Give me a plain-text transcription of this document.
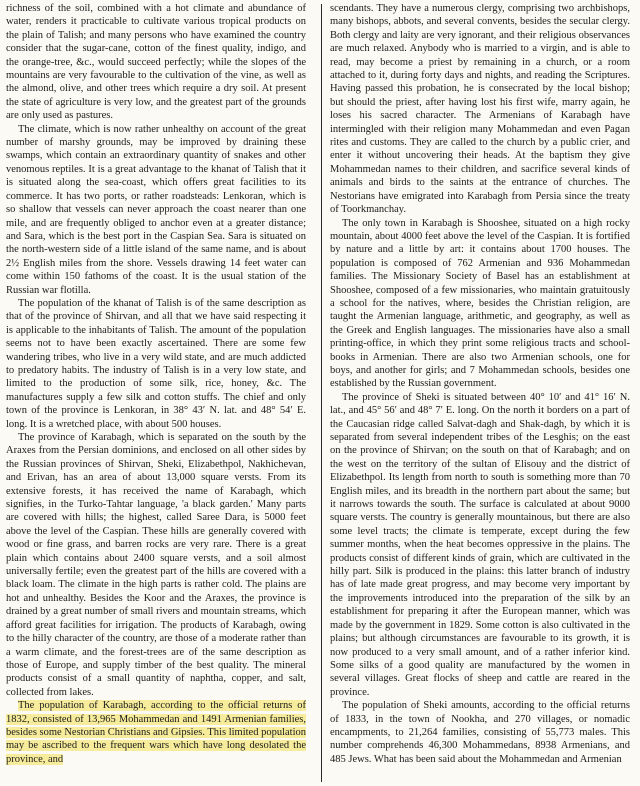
richness of the soil, combined with a hot climate and abundance of water, renders it practicable to cultivate various tropical products on the plain of Talish; and many persons who have examined the country consider that the sugar-cane, cotton of the finest quality, indigo, and the orange-tree, &c., would succeed perfectly; while the slopes of the mountains are very favourable to the cultivation of the vine, as well as the almond, olive, and other trees which require a dry soil. At present the state of agriculture is very low, and the greatest part of the grounds are only used as pastures.

The climate, which is now rather unhealthy on account of the great number of marshy grounds, may be improved by draining these swamps, which contain an extraordinary quantity of snakes and other venomous reptiles. It is a great advantage to the khanat of Talish that it is situated along the sea-coast, which offers great facilities to its commerce. It has two ports, or rather roadsteads: Lenkoran, which is so shallow that vessels can never approach the coast nearer than one mile, and are frequently obliged to anchor even at a greater distance; and Sara, which is the best port in the Caspian Sea. Sara is situated on the north-western side of a little island of the same name, and is about 2½ English miles from the shore. Vessels drawing 14 feet water can come within 150 fathoms of the coast. It is the usual station of the Russian war flotilla.

The population of the khanat of Talish is of the same description as that of the province of Shirvan, and all that we have said respecting it is applicable to the inhabitants of Talish. The amount of the population seems not to have been exactly ascertained. There are some few wandering tribes, who live in a very wild state, and are much addicted to predatory habits. The industry of Talish is in a very low state, and limited to the production of some silk, rice, honey, &c. The manufactures supply a few silk and cotton stuffs. The chief and only town of the province is Lenkoran, in 38° 43′ N. lat. and 48° 54′ E. long. It is a wretched place, with about 500 houses.

The province of Karabagh, which is separated on the south by the Araxes from the Persian dominions, and enclosed on all other sides by the Russian provinces of Shirvan, Sheki, Elizabethpol, Nakhichevan, and Erivan, has an area of about 13,000 square versts. From its extensive forests, it has received the name of Karabagh, which signifies, in the Turko-Tahtar language, 'a black garden.' Many parts are covered with hills; the highest, called Saree Dara, is 5000 feet above the level of the Caspian. These hills are generally covered with wood or fine grass, and barren rocks are very rare. There is a great plain which contains about 2400 square versts, and a soil almost universally fertile; even the greatest part of the hills are covered with a black loam. The climate in the high parts is rather cold. The plains are hot and unhealthy. Besides the Koor and the Araxes, the province is drained by a great number of small rivers and mountain streams, which afford great facilities for irrigation. The products of Karabagh, owing to the hilly character of the country, are those of a moderate rather than a warm climate, and the forest-trees are of the same description as those of Europe, and supply timber of the best quality. The mineral products consist of a small quantity of naphtha, copper, and salt, collected from lakes.

The population of Karabagh, according to the official returns of 1832, consisted of 13,965 Mohammedan and 1491 Armenian families, besides some Nestorian Christians and Gipsies. This limited population may be ascribed to the frequent wars which have long desolated the province, and

scendants. They have a numerous clergy, comprising two archbishops, many bishops, abbots, and several convents, besides the secular clergy. Both clergy and laity are very ignorant, and their religious observances are much relaxed. Anybody who is married to a virgin, and is able to read, may become a priest by remaining in a church, or a room attached to it, during forty days and nights, and reading the Scriptures. Having passed this probation, he is consecrated by the local bishop; but should the priest, after having lost his first wife, marry again, he loses his sacred character. The Armenians of Karabagh have intermingled with their religion many Mohammedan and even Pagan rites and customs. They are called to the church by a public crier, and enter it without uncovering their heads. At the baptism they give Mohammedan names to their children, and sacrifice several kinds of animals and birds to the saints at the entrance of churches. The Nestorians have emigrated into Karabagh from Persia since the treaty of Toorkmanchay.

The only town in Karabagh is Shooshee, situated on a high rocky mountain, about 4000 feet above the level of the Caspian. It is fortified by nature and a little by art: it contains about 1700 houses. The population is composed of 762 Armenian and 936 Mohammedan families. The Missionary Society of Basel has an establishment at Shooshee, composed of a few missionaries, who maintain gratuitously a school for the natives, where, besides the Christian religion, are taught the Armenian language, arithmetic, and geography, as well as the Greek and English languages. The missionaries have also a small printing-office, in which they print some religious tracts and school-books in Armenian. There are also two Armenian schools, one for boys, and another for girls; and 7 Mohammedan schools, besides one established by the Russian government.

The province of Sheki is situated between 40° 10′ and 41° 16′ N. lat., and 45° 56′ and 48° 7′ E. long. On the north it borders on a part of the Caucasian ridge called Salvat-dagh and Shak-dagh, by which it is separated from several independent tribes of the Lesghis; on the east on the province of Shirvan; on the south on that of Karabagh; and on the west on the territory of the sultan of Elisouy and the district of Elizabethpol. Its length from north to south is something more than 70 English miles, and its breadth in the northern part about the same; but it narrows towards the south. The surface is calculated at about 9000 square versts. The country is generally mountainous, but there are also some level tracts; the climate is temperate, except during the few summer months, when the heat becomes oppressive in the plains. The products consist of different kinds of grain, which are cultivated in the hilly part. Silk is produced in the plains: this latter branch of industry has of late made great progress, and may become very important by the improvements introduced into the preparation of the silk by an establishment for preparing it after the European manner, which was made by the government in 1829. Some cotton is also cultivated in the plains; but although circumstances are favourable to its growth, it is now produced to a very small amount, and of a rather inferior kind. Some silks of a good quality are manufactured by the women in several villages. Great flocks of sheep and cattle are reared in the province.

The population of Sheki amounts, according to the official returns of 1833, in the town of Nookha, and 270 villages, or nomadic encampments, to 21,264 families, consisting of 55,773 males. This number comprehends 46,300 Mohammedans, 8938 Armenians, and 485 Jews. What has been said about the Mohammedan and Armenian
